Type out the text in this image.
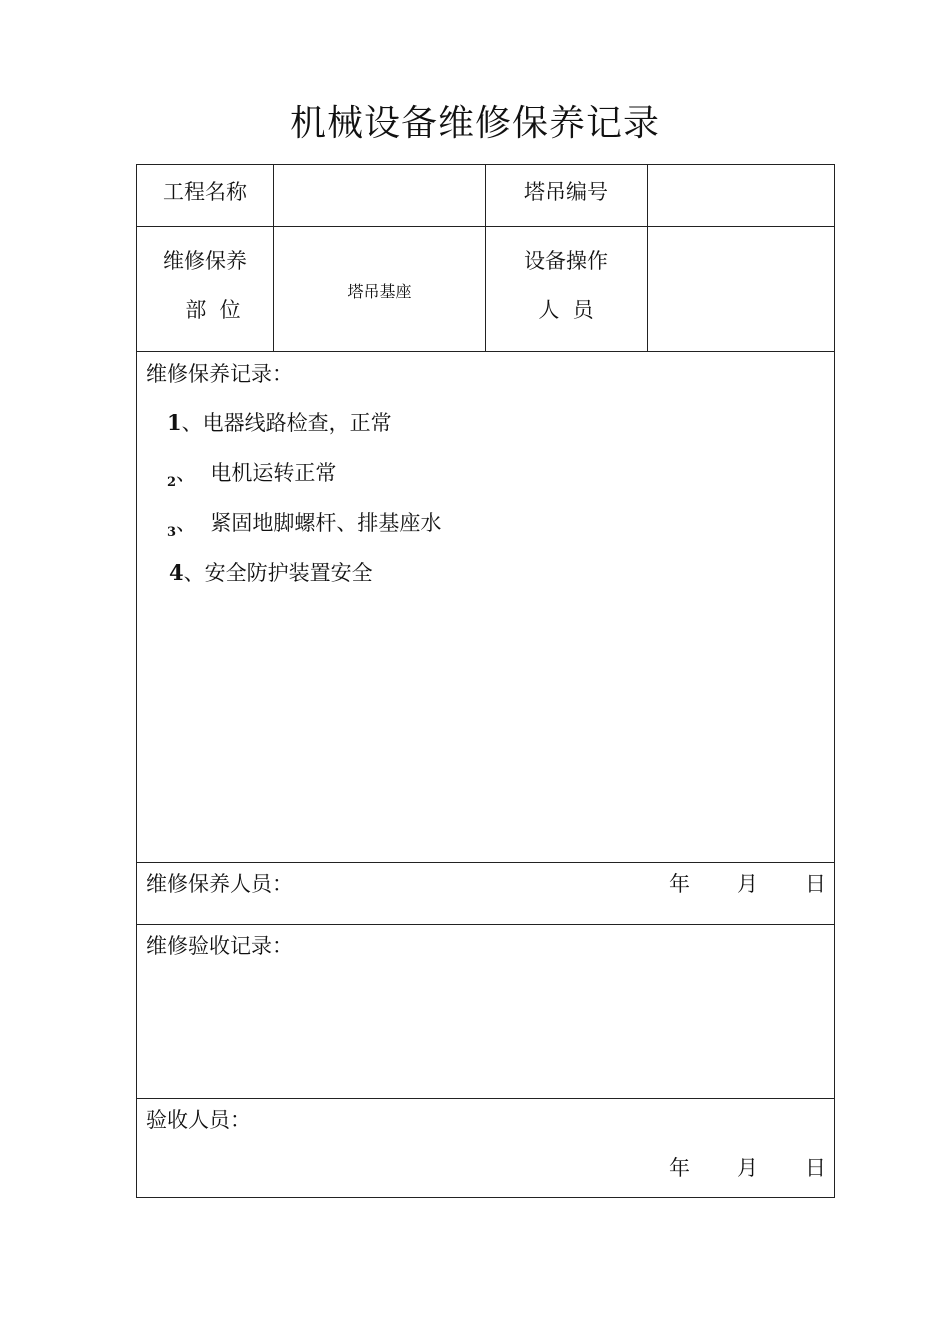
机械设备维修保养记录
工程名称	塔吊编号
维修保养
部  位
塔吊基座
设备操作
人  员
维修保养记录：
1、电器线路检查，正常
2、  电机运转正常
3、  紧固地脚螺杆、排基座水
4、安全防护装置安全
维修保养人员：	年 月 日
维修验收记录：
验收人员：
年 月 日
